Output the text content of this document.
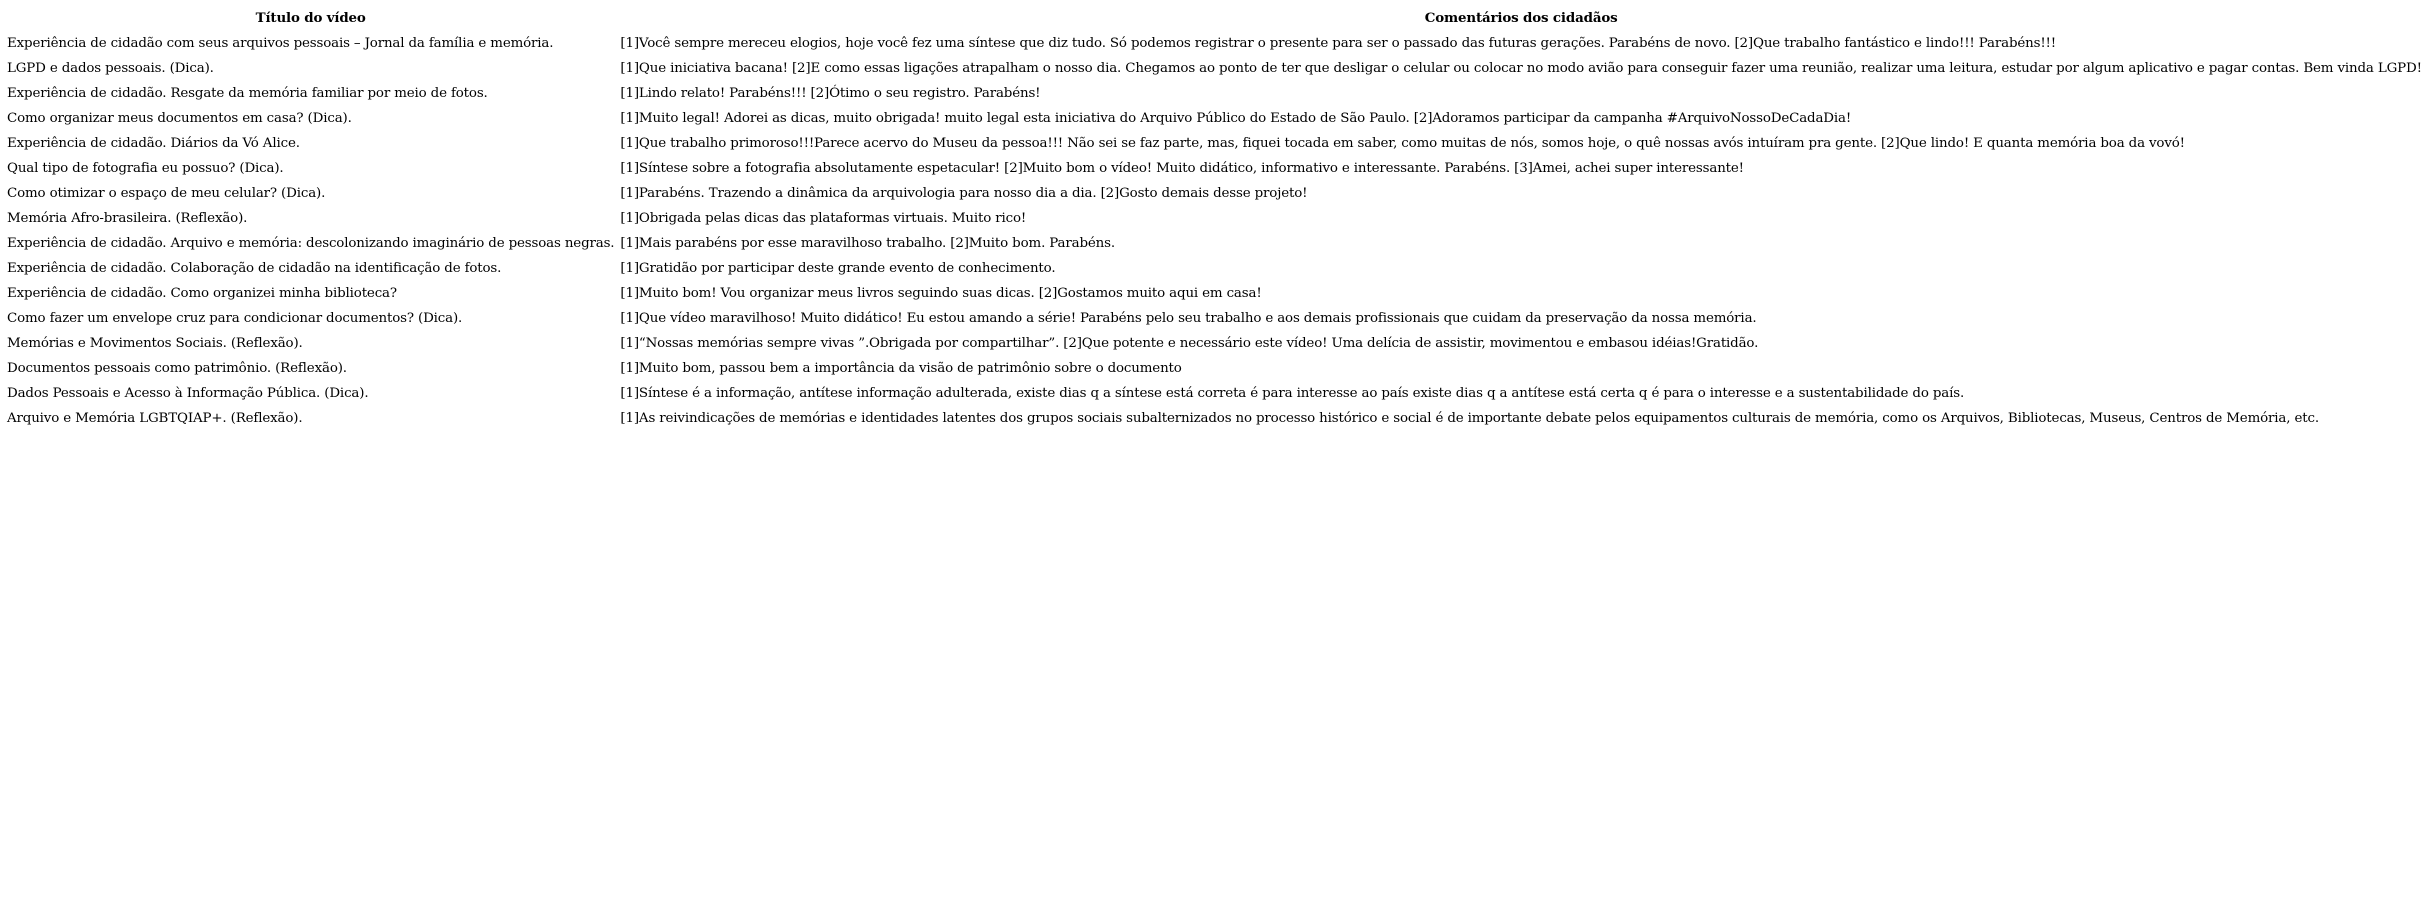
Título do vídeo	Comentários dos cidadãos
Experiência de cidadão com seus arquivos pessoais – Jornal da família e memória.	[1]Você sempre mereceu elogios, hoje você fez uma síntese que diz tudo. Só podemos registrar o presente para ser o passado das futuras gerações. Parabéns de novo. [2]Que trabalho fantástico e lindo!!! Parabéns!!!
LGPD e dados pessoais. (Dica).	[1]Que iniciativa bacana! [2]E como essas ligações atrapalham o nosso dia. Chegamos ao ponto de ter que desligar o celular ou colocar no modo avião para conseguir fazer uma reunião, realizar uma leitura, estudar por algum aplicativo e pagar contas. Bem vinda LGPD!
Experiência de cidadão. Resgate da memória familiar por meio de fotos.	[1]Lindo relato! Parabéns!!! [2]Ótimo o seu registro. Parabéns!
Como organizar meus documentos em casa? (Dica).	[1]Muito legal! Adorei as dicas, muito obrigada! muito legal esta iniciativa do Arquivo Público do Estado de São Paulo. [2]Adoramos participar da campanha #ArquivoNossoDeCadaDia!
Experiência de cidadão. Diários da Vó Alice.	[1]Que trabalho primoroso!!!Parece acervo do Museu da pessoa!!! Não sei se faz parte, mas, fiquei tocada em saber, como muitas de nós, somos hoje, o quê nossas avós intuíram pra gente. [2]Que lindo! E quanta memória boa da vovó!
Qual tipo de fotografia eu possuo? (Dica).	[1]Síntese sobre a fotografia absolutamente espetacular! [2]Muito bom o vídeo! Muito didático, informativo e interessante. Parabéns. [3]Amei, achei super interessante!
Como otimizar o espaço de meu celular? (Dica).	[1]Parabéns. Trazendo a dinâmica da arquivologia para nosso dia a dia. [2]Gosto demais desse projeto!
Memória Afro-brasileira. (Reflexão).	[1]Obrigada pelas dicas das plataformas virtuais. Muito rico!
Experiência de cidadão. Arquivo e memória: descolonizando imaginário de pessoas negras.	[1]Mais parabéns por esse maravilhoso trabalho. [2]Muito bom. Parabéns.
Experiência de cidadão. Colaboração de cidadão na identificação de fotos.	[1]Gratidão por participar deste grande evento de conhecimento.
Experiência de cidadão. Como organizei minha biblioteca?	[1]Muito bom! Vou organizar meus livros seguindo suas dicas. [2]Gostamos muito aqui em casa!
Como fazer um envelope cruz para condicionar documentos? (Dica).	[1]Que vídeo maravilhoso! Muito didático! Eu estou amando a série! Parabéns pelo seu trabalho e aos demais profissionais que cuidam da preservação da nossa memória.
Memórias e Movimentos Sociais. (Reflexão).	[1]“Nossas memórias sempre vivas ”.Obrigada por compartilhar”. [2]Que potente e necessário este vídeo! Uma delícia de assistir, movimentou e embasou idéias!Gratidão.
Documentos pessoais como patrimônio. (Reflexão).	[1]Muito bom, passou bem a importância da visão de patrimônio sobre o documento
Dados Pessoais e Acesso à Informação Pública. (Dica).	[1]Síntese é a informação, antítese informação adulterada, existe dias q a síntese está correta é para interesse ao país existe dias q a antítese está certa q é para o interesse e a sustentabilidade do país.
Arquivo e Memória LGBTQIAP+. (Reflexão).	[1]As reivindicações de memórias e identidades latentes dos grupos sociais subalternizados no processo histórico e social é de importante debate pelos equipamentos culturais de memória, como os Arquivos, Bibliotecas, Museus, Centros de Memória, etc.
